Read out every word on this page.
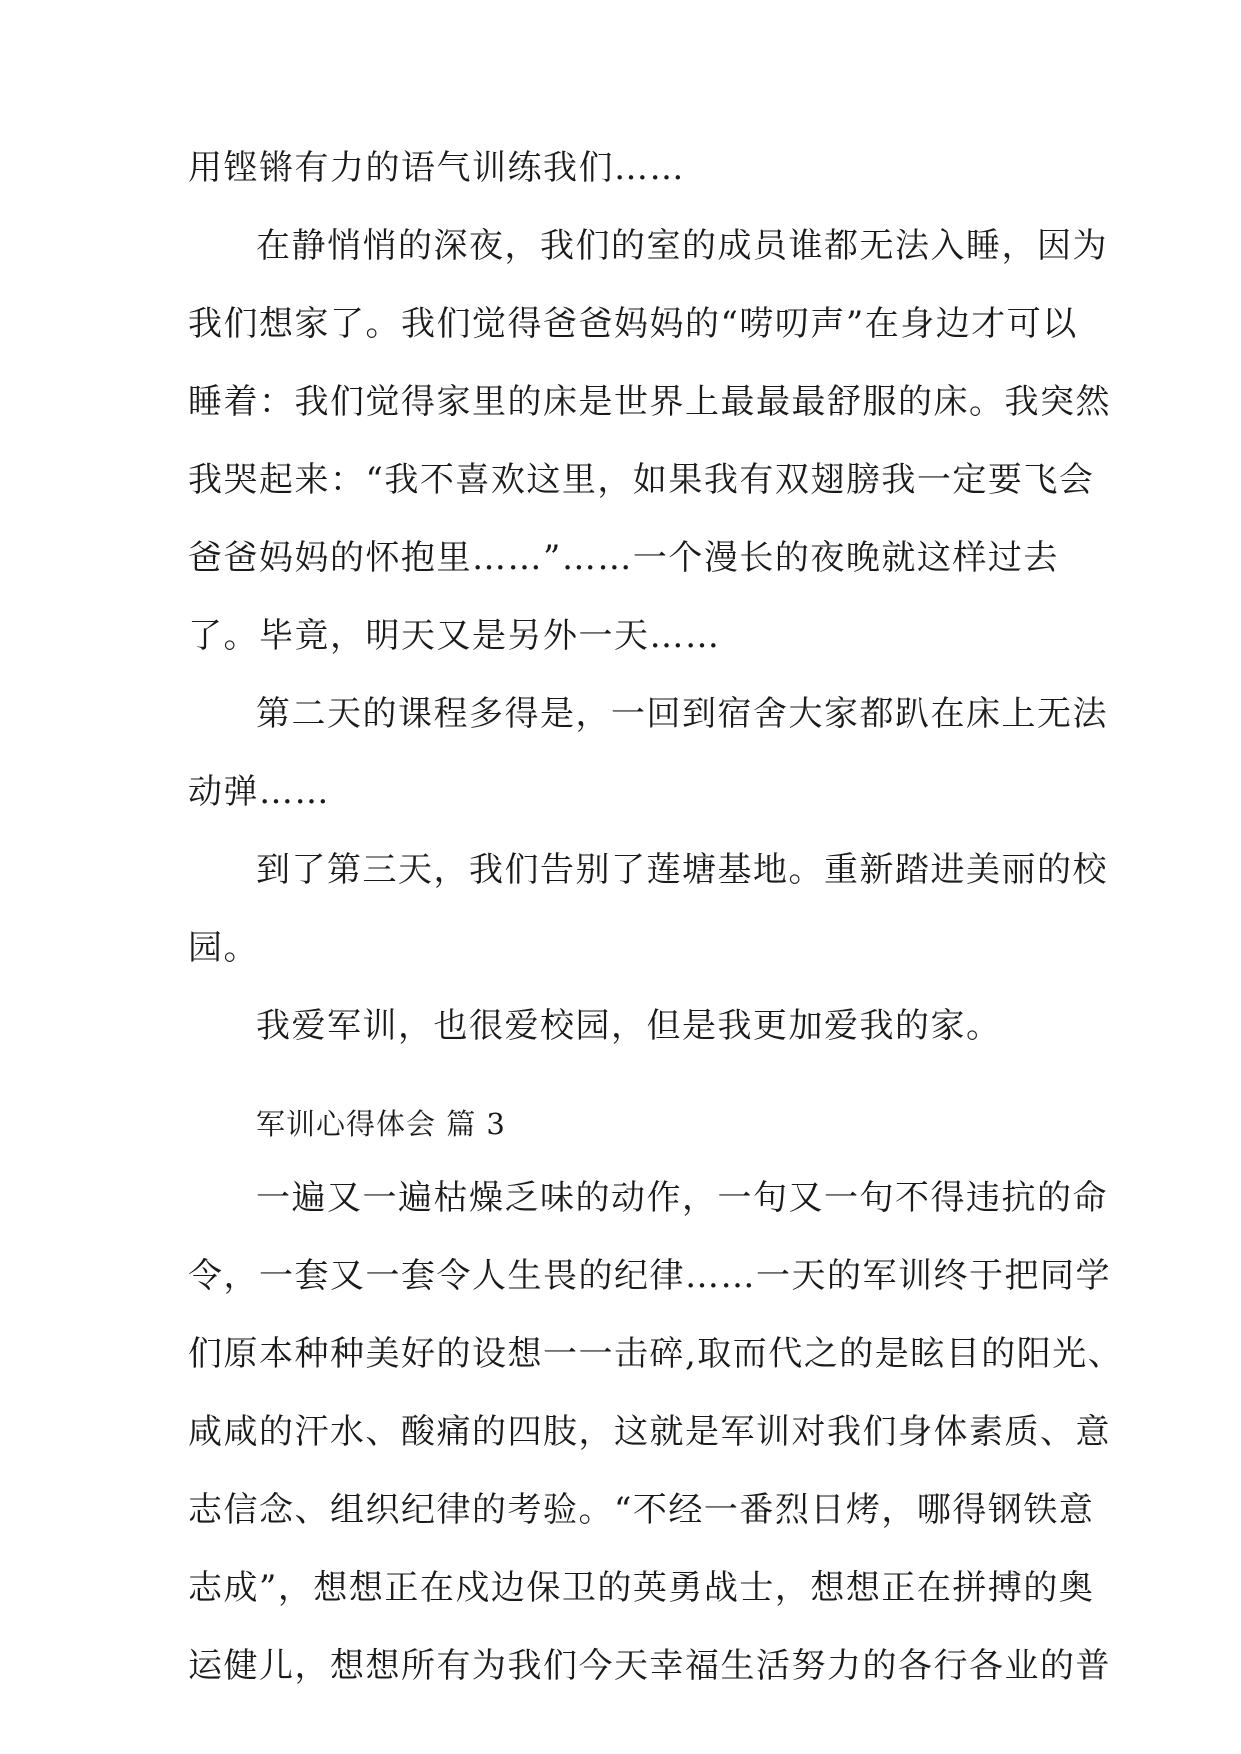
用铿锵有力的语气训练我们……
在静悄悄的深夜，我们的室的成员谁都无法入睡，因为
我们想家了。我们觉得爸爸妈妈的“唠叨声”在身边才可以
睡着：我们觉得家里的床是世界上最最最舒服的床。我突然
我哭起来：“我不喜欢这里，如果我有双翅膀我一定要飞会
爸爸妈妈的怀抱里……”……一个漫长的夜晚就这样过去
了。毕竟，明天又是另外一天……
第二天的课程多得是，一回到宿舍大家都趴在床上无法
动弹……
到了第三天，我们告别了莲塘基地。重新踏进美丽的校
园。
我爱军训，也很爱校园，但是我更加爱我的家。
军训心得体会 篇 3
一遍又一遍枯燥乏味的动作，一句又一句不得违抗的命
令，一套又一套令人生畏的纪律……一天的军训终于把同学
们原本种种美好的设想一一击碎,取而代之的是眩目的阳光、
咸咸的汗水、酸痛的四肢，这就是军训对我们身体素质、意
志信念、组织纪律的考验。“不经一番烈日烤，哪得钢铁意
志成”，想想正在戍边保卫的英勇战士，想想正在拼搏的奥
运健儿，想想所有为我们今天幸福生活努力的各行各业的普
